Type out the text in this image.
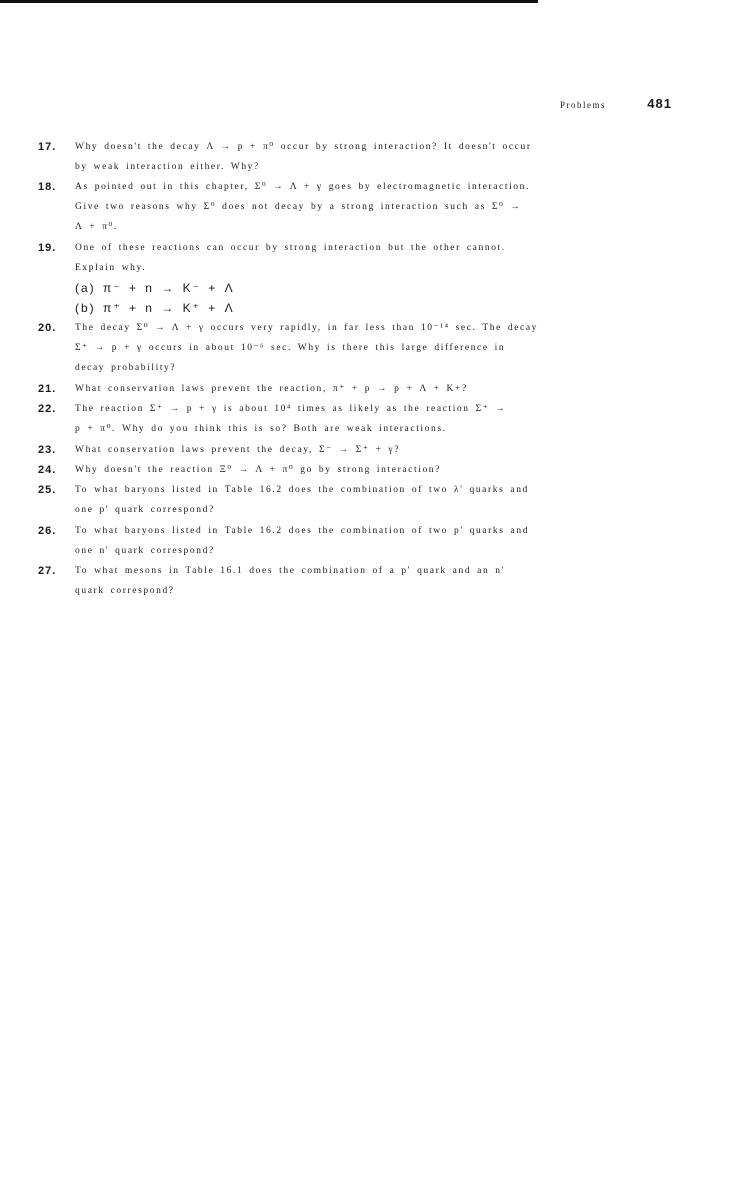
Problems	481
17.	Why doesn't the decay Λ → p + π⁰ occur by strong interaction? It doesn't occur
by weak interaction either. Why?
18.	As pointed out in this chapter, Σ⁰ → Λ + γ goes by electromagnetic interaction.
Give two reasons why Σ⁰ does not decay by a strong interaction such as Σ⁰ →
Λ + π⁰.
19.	One of these reactions can occur by strong interaction but the other cannot.
Explain why.
(a) π⁻ + n → K⁻ + Λ
(b) π⁺ + n → K⁺ + Λ
20.	The decay Σ⁰ → Λ + γ occurs very rapidly, in far less than 10⁻¹⁴ sec. The decay
Σ⁺ → p + γ occurs in about 10⁻⁶ sec. Why is there this large difference in
decay probability?
21.	What conservation laws prevent the reaction, π⁺ + p → p + Λ + K+?
22.	The reaction Σ⁺ → p + γ is about 10⁴ times as likely as the reaction Σ⁺ →
p + π⁰. Why do you think this is so? Both are weak interactions.
23.	What conservation laws prevent the decay, Σ⁻ → Σ⁺ + γ?
24.	Why doesn't the reaction Ξ⁰ → Λ + π⁰ go by strong interaction?
25.	To what baryons listed in Table 16.2 does the combination of two λ' quarks and
one p' quark correspond?
26.	To what baryons listed in Table 16.2 does the combination of two p' quarks and
one n' quark correspond?
27.	To what mesons in Table 16.1 does the combination of a p' quark and an n'
quark correspond?
